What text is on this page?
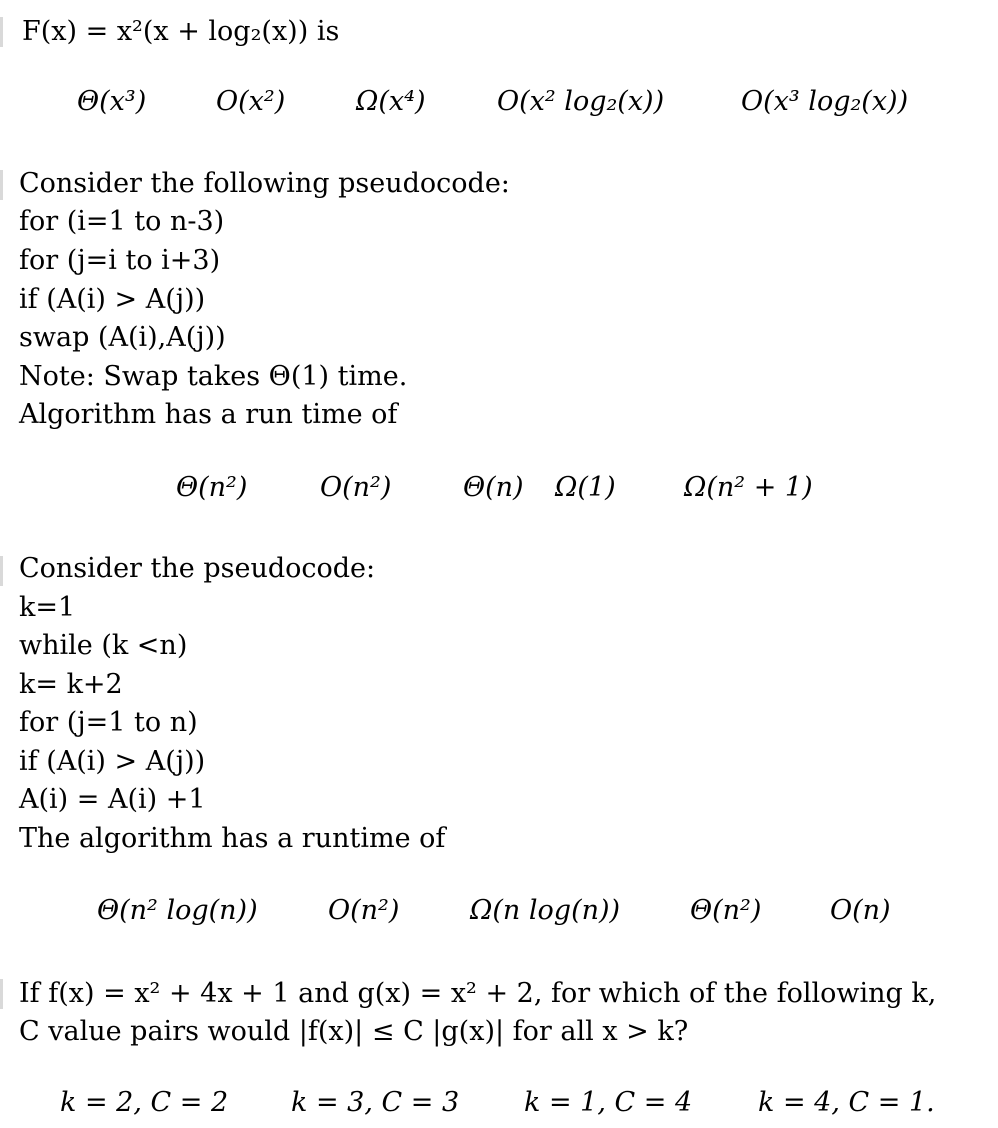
F(x) = x²(x + log₂(x)) is
Θ(x³)	O(x²)	Ω(x⁴)	O(x² log₂(x))	O(x³ log₂(x))
Consider the following pseudocode:
for (i=1 to n-3)
for (j=i to i+3)
if (A(i) > A(j))
swap (A(i),A(j))
Note: Swap takes Θ(1) time.
Algorithm has a run time of
Θ(n²)	O(n²)	Θ(n) Ω(1)	Ω(n² + 1)
Consider the pseudocode:
k=1
while (k <n)
k= k+2
for (j=1 to n)
if (A(i) > A(j))
A(i) = A(i) +1
The algorithm has a runtime of
Θ(n² log(n))	O(n²)	Ω(n log(n))	Θ(n²)	O(n)
If f(x) = x² + 4x + 1 and g(x) = x² + 2, for which of the following k,
C value pairs would |f(x)| ≤ C |g(x)| for all x > k?
k = 2, C = 2 k = 3, C = 3 k = 1, C = 4 k = 4, C = 1.
